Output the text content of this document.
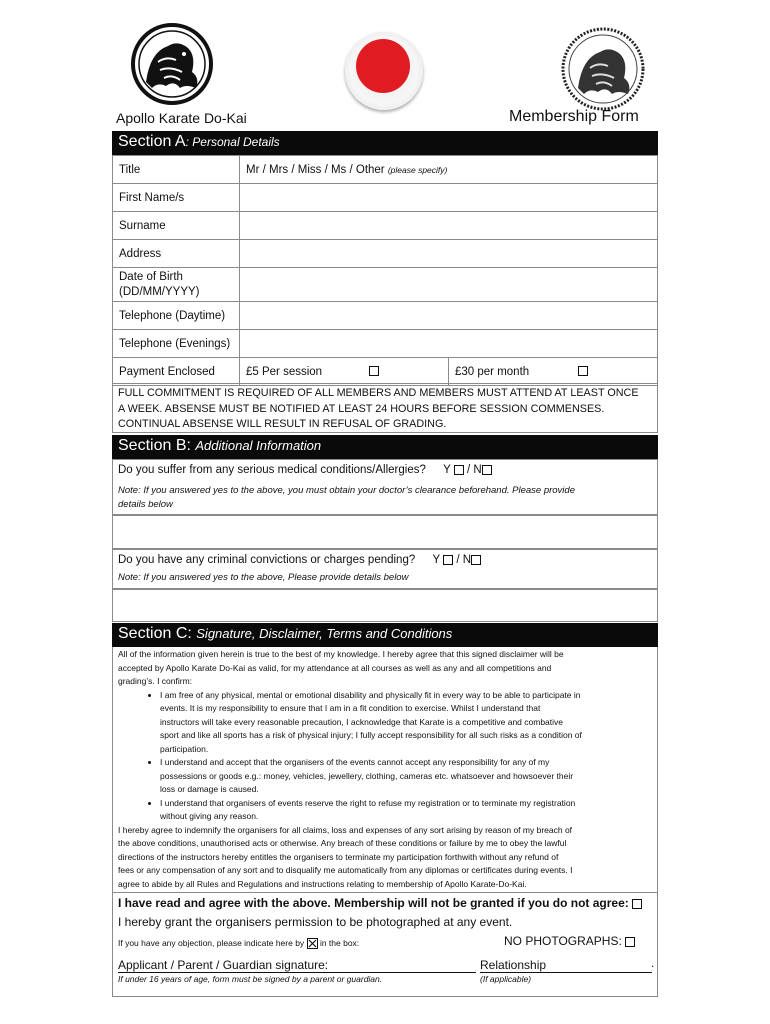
Apollo Karate Do-Kai	Membership Form
Section A: Personal Details
Title	Mr / Mrs / Miss / Ms / Other (please specify)	
First Name/s		
Surname		
Address		
Date of Birth
(DD/MM/YYYY)		
Telephone (Daytime)		
Telephone (Evenings)		
Payment Enclosed	£5 Per session	£30 per month
FULL COMMITMENT IS REQUIRED OF ALL MEMBERS AND MEMBERS MUST ATTEND AT LEAST ONCE
A WEEK. ABSENSE MUST BE NOTIFIED AT LEAST 24 HOURS BEFORE SESSION COMMENSES.
CONTINUAL ABSENSE WILL RESULT IN REFUSAL OF GRADING.
Section B: Additional Information
Do you suffer from any serious medical conditions/Allergies? Y / N
Note: If you answered yes to the above, you must obtain your doctor’s clearance beforehand. Please provide
details below
Do you have any criminal convictions or charges pending? Y / N
Note: If you answered yes to the above, Please provide details below
Section C: Signature, Disclaimer, Terms and Conditions
All of the information given herein is true to the best of my knowledge. I hereby agree that this signed disclaimer will be
accepted by Apollo Karate Do-Kai as valid, for my attendance at all courses as well as any and all competitions and
grading’s. I confirm:
• I am free of any physical, mental or emotional disability and physically fit in every way to be able to participate in
events. It is my responsibility to ensure that I am in a fit condition to exercise. Whilst I understand that
instructors will take every reasonable precaution, I acknowledge that Karate is a competitive and combative
sport and like all sports has a risk of physical injury; I fully accept responsibility for all such risks as a condition of
participation.
• I understand and accept that the organisers of the events cannot accept any responsibility for any of my
possessions or goods e.g.: money, vehicles, jewellery, clothing, cameras etc. whatsoever and howsoever their
loss or damage is caused.
• I understand that organisers of events reserve the right to refuse my registration or to terminate my registration
without giving any reason.
I hereby agree to indemnify the organisers for all claims, loss and expenses of any sort arising by reason of my breach of
the above conditions, unauthorised acts or otherwise. Any breach of these conditions or failure by me to obey the lawful
directions of the instructors hereby entitles the organisers to terminate my participation forthwith without any refund of
fees or any compensation of any sort and to disqualify me automatically from any diplomas or certificates during events. I
agree to abide by all Rules and Regulations and instructions relating to membership of Apollo Karate-Do-Kai.
I have read and agree with the above. Membership will not be granted if you do not agree:
I hereby grant the organisers permission to be photographed at any event.
If you have any objection, please indicate here by in the box:	NO PHOTOGRAPHS:
Applicant / Parent / Guardian signature:	Relationship	.
If under 16 years of age, form must be signed by a parent or guardian.	(If applicable)
